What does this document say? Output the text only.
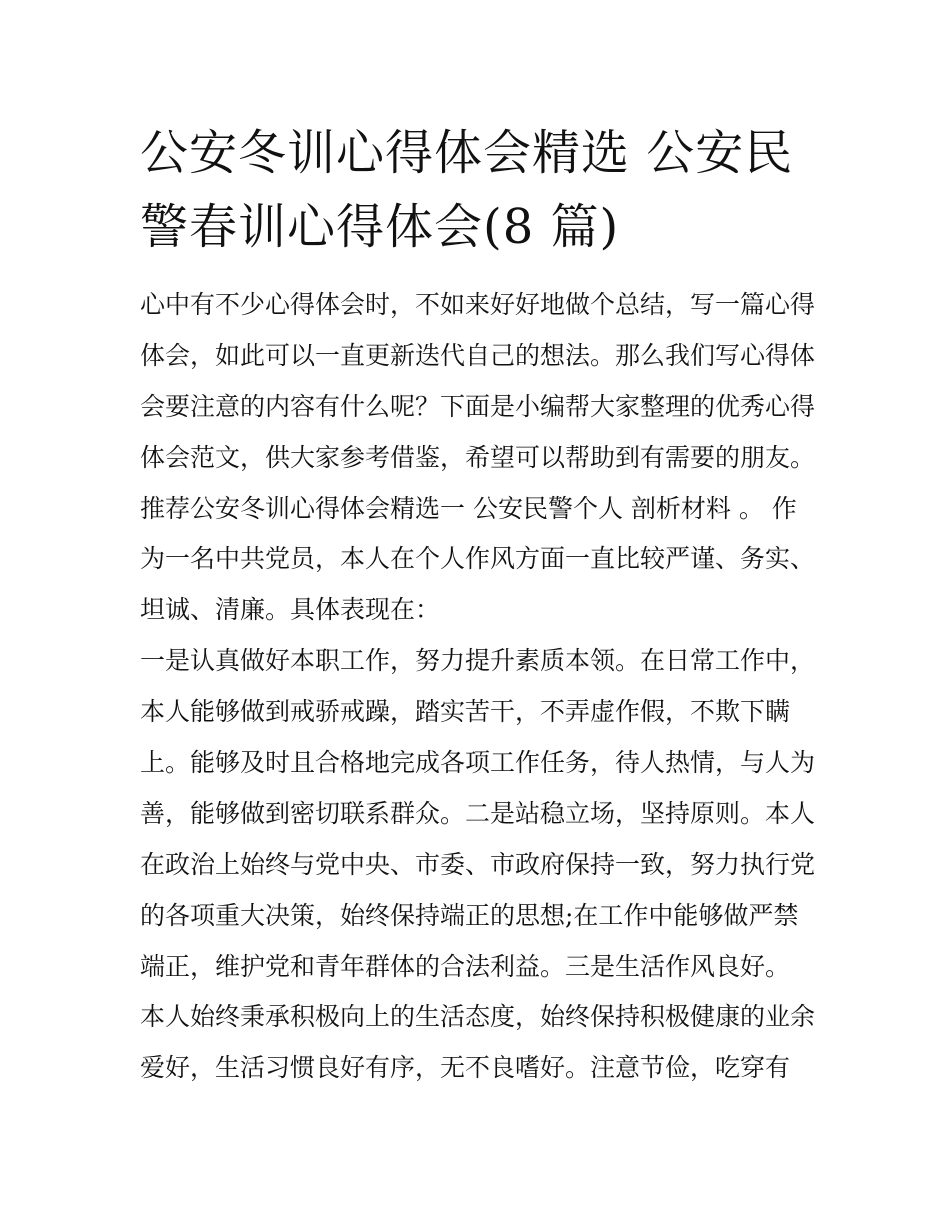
公安冬训心得体会精选 公安民
警春训心得体会(8 篇)
心中有不少心得体会时，不如来好好地做个总结，写一篇心得
体会，如此可以一直更新迭代自己的想法。那么我们写心得体
会要注意的内容有什么呢？下面是小编帮大家整理的优秀心得
体会范文，供大家参考借鉴，希望可以帮助到有需要的朋友。
推荐公安冬训心得体会精选一 公安民警个人 剖析材料 。 作
为一名中共党员，本人在个人作风方面一直比较严谨、务实、
坦诚、清廉。具体表现在：
一是认真做好本职工作，努力提升素质本领。在日常工作中，
本人能够做到戒骄戒躁，踏实苦干，不弄虚作假，不欺下瞒
上。能够及时且合格地完成各项工作任务，待人热情，与人为
善，能够做到密切联系群众。二是站稳立场，坚持原则。本人
在政治上始终与党中央、市委、市政府保持一致，努力执行党
的各项重大决策，始终保持端正的思想;在工作中能够做严禁
端正，维护党和青年群体的合法利益。三是生活作风良好。
本人始终秉承积极向上的生活态度，始终保持积极健康的业余
爱好，生活习惯良好有序，无不良嗜好。注意节俭，吃穿有
